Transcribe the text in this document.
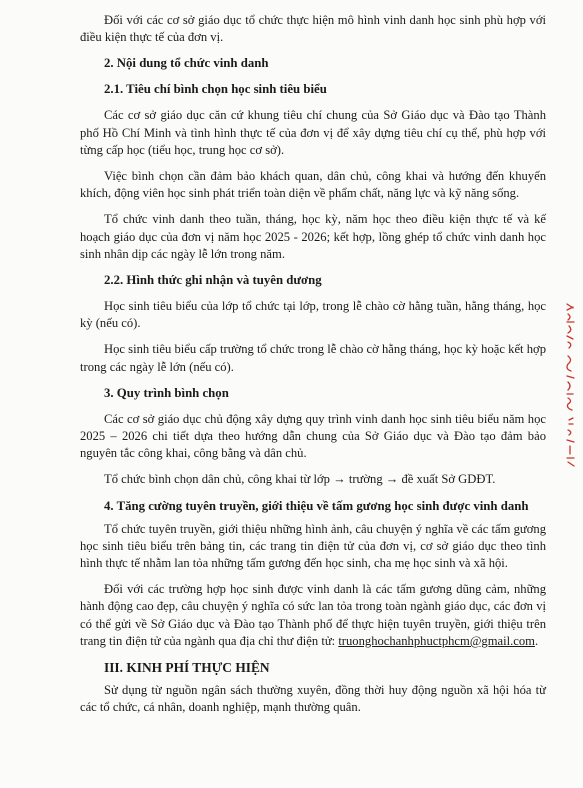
Đối với các cơ sở giáo dục tổ chức thực hiện mô hình vinh danh học sinh phù hợp với điều kiện thực tế của đơn vị.

2. Nội dung tổ chức vinh danh
2.1. Tiêu chí bình chọn học sinh tiêu biểu

Các cơ sở giáo dục căn cứ khung tiêu chí chung của Sở Giáo dục và Đào tạo Thành phố Hồ Chí Minh và tình hình thực tế của đơn vị để xây dựng tiêu chí cụ thể, phù hợp với từng cấp học (tiểu học, trung học cơ sở).

Việc bình chọn cần đảm bảo khách quan, dân chủ, công khai và hướng đến khuyến khích, động viên học sinh phát triển toàn diện về phẩm chất, năng lực và kỹ năng sống.

Tổ chức vinh danh theo tuần, tháng, học kỳ, năm học theo điều kiện thực tế và kế hoạch giáo dục của đơn vị năm học 2025 - 2026; kết hợp, lồng ghép tổ chức vinh danh học sinh nhân dịp các ngày lễ lớn trong năm.

2.2. Hình thức ghi nhận và tuyên dương

Học sinh tiêu biểu của lớp tổ chức tại lớp, trong lễ chào cờ hằng tuần, hằng tháng, học kỳ (nếu có).

Học sinh tiêu biểu cấp trường tổ chức trong lễ chào cờ hằng tháng, học kỳ hoặc kết hợp trong các ngày lễ lớn (nếu có).

3. Quy trình bình chọn

Các cơ sở giáo dục chủ động xây dựng quy trình vinh danh học sinh tiêu biểu năm học 2025 – 2026 chi tiết dựa theo hướng dẫn chung của Sở Giáo dục và Đào tạo đảm bảo nguyên tắc công khai, công bằng và dân chủ.

Tổ chức bình chọn dân chủ, công khai từ lớp → trường → đề xuất Sở GDĐT.

4. Tăng cường tuyên truyền, giới thiệu về tấm gương học sinh được vinh danh

Tổ chức tuyên truyền, giới thiệu những hình ảnh, câu chuyện ý nghĩa về các tấm gương học sinh tiêu biểu trên bảng tin, các trang tin điện tử của đơn vị, cơ sở giáo dục theo tình hình thực tế nhằm lan tỏa những tấm gương đến học sinh, cha mẹ học sinh và xã hội.

Đối với các trường hợp học sinh được vinh danh là các tấm gương dũng cảm, những hành động cao đẹp, câu chuyện ý nghĩa có sức lan tỏa trong toàn ngành giáo dục, các đơn vị có thể gửi về Sở Giáo dục và Đào tạo Thành phố để thực hiện tuyên truyền, giới thiệu trên trang tin điện tử của ngành qua địa chỉ thư điện tử: truonghochanhphuctphcm@gmail.com.

III. KINH PHÍ THỰC HIỆN

Sử dụng từ nguồn ngân sách thường xuyên, đồng thời huy động nguồn xã hội hóa từ các tổ chức, cá nhân, doanh nghiệp, mạnh thường quân.
